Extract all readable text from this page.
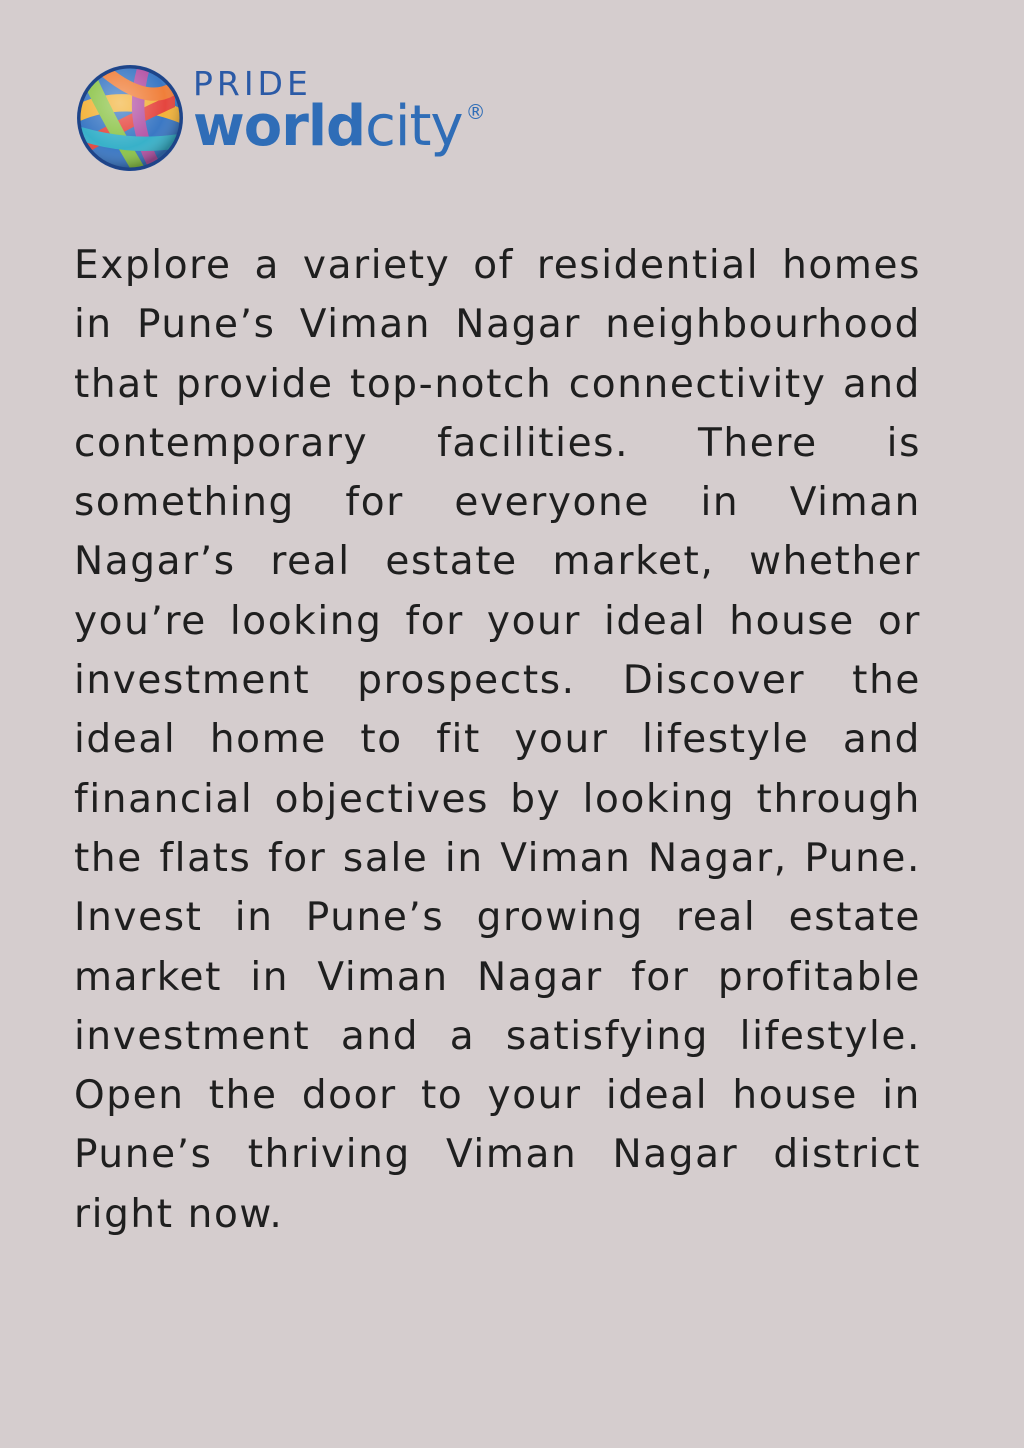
PRIDE
worldcity ®

Explore a variety of residential homes in Pune’s Viman Nagar neighbourhood that provide top-notch connectivity and contemporary facilities. There is something for everyone in Viman Nagar’s real estate market, whether you’re looking for your ideal house or investment prospects. Discover the ideal home to fit your lifestyle and financial objectives by looking through the flats for sale in Viman Nagar, Pune. Invest in Pune’s growing real estate market in Viman Nagar for profitable investment and a satisfying lifestyle. Open the door to your ideal house in Pune’s thriving Viman Nagar district right now.
